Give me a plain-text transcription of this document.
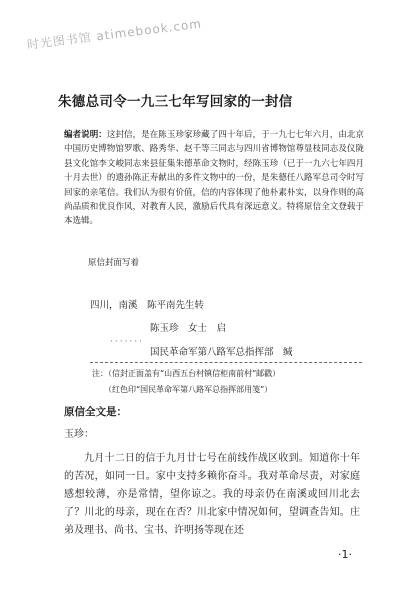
时光图书馆 atimebook.com
朱德总司令一九三七年写回家的一封信
编者说明：这封信，是在陈玉珍家珍藏了四十年后，于一九七七年六月，由北京中国历史博物馆罗歌、路秀华、赵千等三同志与四川省博物馆尊显枝同志及仪陇县文化馆李文峻同志来县征集朱德革命文物时，经陈玉珍（已于一九六七年四月十月去世）的遗孙陈正寿献出的多件文物中的一份，是朱德任八路军总司令时写回家的亲笔信。我们认为很有价值，信的内容体现了他朴素朴实，以身作则的高尚品质和优良作风，对教育人民，激励后代具有深远意义。特将原信全文登载于本选辑。
原信封面写着
四川，南溪　陈平南先生转
陈玉珍　女士　启
·······
国民革命军第八路军总指挥部　缄
注：（信封正面盖有“山西五台村镇信柜南前村”邮戳）
（红色印“国民革命军第八路军总指挥部用笺”）
原信全文是：
玉珍：
九月十二日的信于九月廿七号在前线作战区收到。知道你十年的苦况，如同一日。家中支持多赖你奋斗。我对革命尽责，对家庭感想较薄，亦是常情，望你谅之。我的母亲仍在南溪或回川北去了？川北的母亲，现在在否？川北家中情况如何，望调查告知。庄弟及理书、尚书、宝书、许明扬等现在还
·1·
